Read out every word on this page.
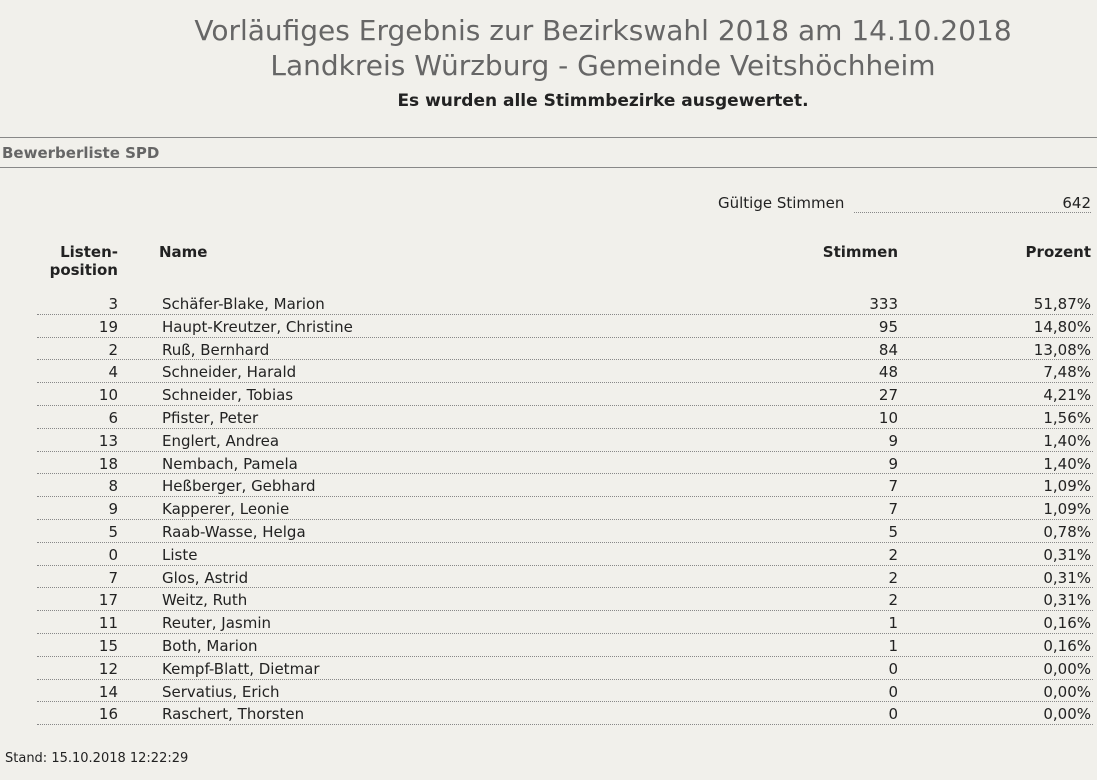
Vorläufiges Ergebnis zur Bezirkswahl 2018 am 14.10.2018
Landkreis Würzburg - Gemeinde Veitshöchheim
Es wurden alle Stimmbezirke ausgewertet.
Bewerberliste SPD
Gültige Stimmen	642
Listen-
position
Name	Stimmen	Prozent
3	Schäfer-Blake, Marion	333	51,87%
19	Haupt-Kreutzer, Christine	95	14,80%
2	Ruß, Bernhard	84	13,08%
4	Schneider, Harald	48	7,48%
10	Schneider, Tobias	27	4,21%
6	Pfister, Peter	10	1,56%
13	Englert, Andrea	9	1,40%
18	Nembach, Pamela	9	1,40%
8	Heßberger, Gebhard	7	1,09%
9	Kapperer, Leonie	7	1,09%
5	Raab-Wasse, Helga	5	0,78%
0	Liste	2	0,31%
7	Glos, Astrid	2	0,31%
17	Weitz, Ruth	2	0,31%
11	Reuter, Jasmin	1	0,16%
15	Both, Marion	1	0,16%
12	Kempf-Blatt, Dietmar	0	0,00%
14	Servatius, Erich	0	0,00%
16	Raschert, Thorsten	0	0,00%
Stand: 15.10.2018 12:22:29
